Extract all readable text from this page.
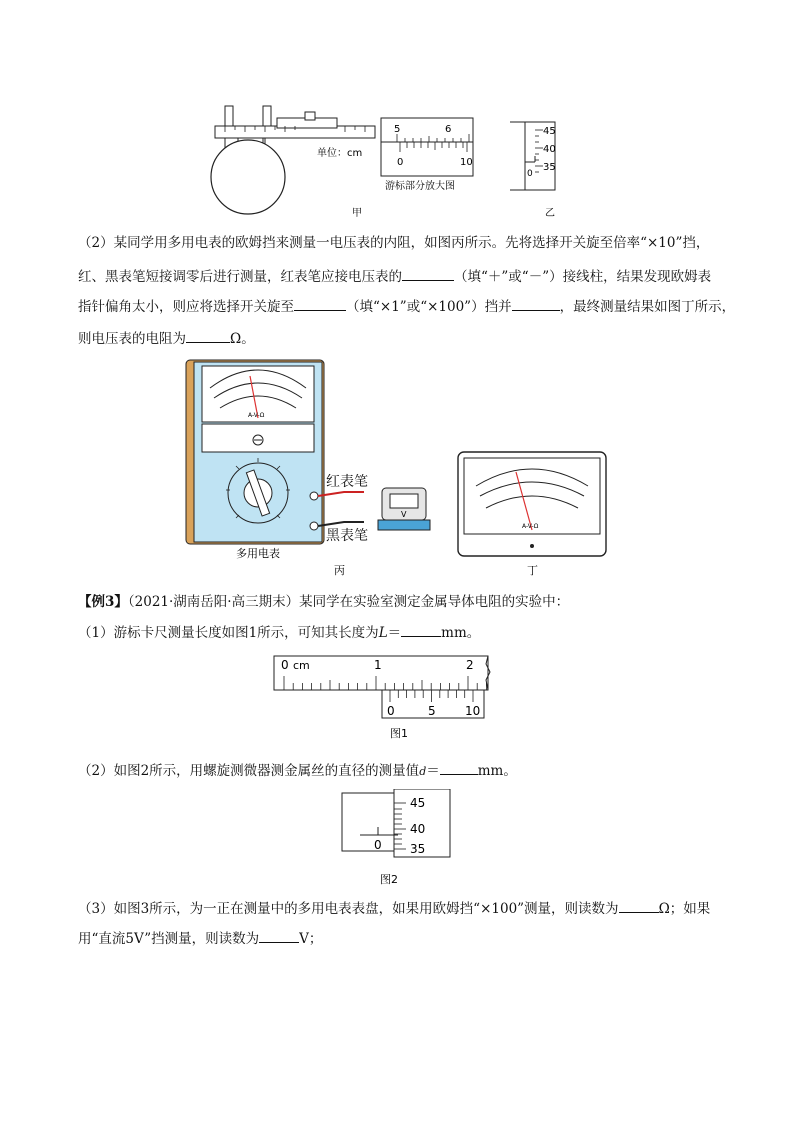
单位：cm
5	6
0	10
游标部分放大图
45
40
35
0
甲	乙
（2）某同学用多用电表的欧姆挡来测量一电压表的内阻，如图丙所示。先将选择开关旋至倍率“×10”挡，
红、黑表笔短接调零后进行测量，红表笔应接电压表的	（填“＋”或“－”）接线柱，结果发现欧姆表
指针偏角太小，则应将选择开关旋至	（填“×1”或“×100”）挡并	，最终测量结果如图丁所示，
则电压表的电阻为	Ω。
A-V-Ω
红表笔
黑表笔
V
多用电表
丙
A-V-Ω
丁
【例3】（2021·湖南岳阳·高三期末）某同学在实验室测定金属导体电阻的实验中：
（1）游标卡尺测量长度如图1所示，可知其长度为L＝	mm。
0 cm	1	2
0	5 10
图1
（2）如图2所示，用螺旋测微器测金属丝的直径的测量值d＝	mm。
45
40
35
0
图2
（3）如图3所示，为一正在测量中的多用电表表盘，如果用欧姆挡“×100”测量，则读数为	Ω；如果
用“直流5V”挡测量，则读数为	V；
